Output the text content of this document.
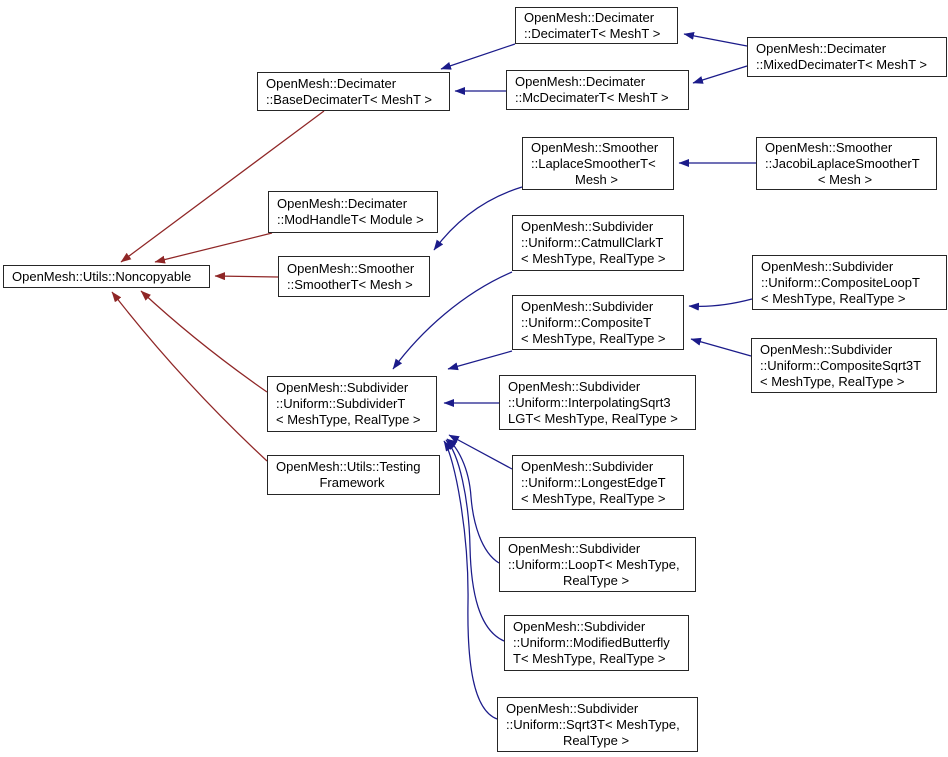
OpenMesh::Utils::Noncopyable
OpenMesh::Decimater
::BaseDecimaterT< MeshT >
OpenMesh::Decimater
::DecimaterT< MeshT >
OpenMesh::Decimater
::McDecimaterT< MeshT >
OpenMesh::Decimater
::MixedDecimaterT< MeshT >
OpenMesh::Decimater
::ModHandleT< Module >
OpenMesh::Smoother
::SmootherT< Mesh >
OpenMesh::Smoother
::LaplaceSmootherT<
Mesh >
OpenMesh::Smoother
::JacobiLaplaceSmootherT
< Mesh >
OpenMesh::Subdivider
::Uniform::SubdividerT
< MeshType, RealType >
OpenMesh::Subdivider
::Uniform::CatmullClarkT
< MeshType, RealType >
OpenMesh::Subdivider
::Uniform::CompositeT
< MeshType, RealType >
OpenMesh::Subdivider
::Uniform::CompositeLoopT
< MeshType, RealType >
OpenMesh::Subdivider
::Uniform::CompositeSqrt3T
< MeshType, RealType >
OpenMesh::Subdivider
::Uniform::InterpolatingSqrt3
LGT< MeshType, RealType >
OpenMesh::Subdivider
::Uniform::LongestEdgeT
< MeshType, RealType >
OpenMesh::Subdivider
::Uniform::LoopT< MeshType,
RealType >
OpenMesh::Subdivider
::Uniform::ModifiedButterfly
T< MeshType, RealType >
OpenMesh::Subdivider
::Uniform::Sqrt3T< MeshType,
RealType >
OpenMesh::Utils::Testing
Framework
